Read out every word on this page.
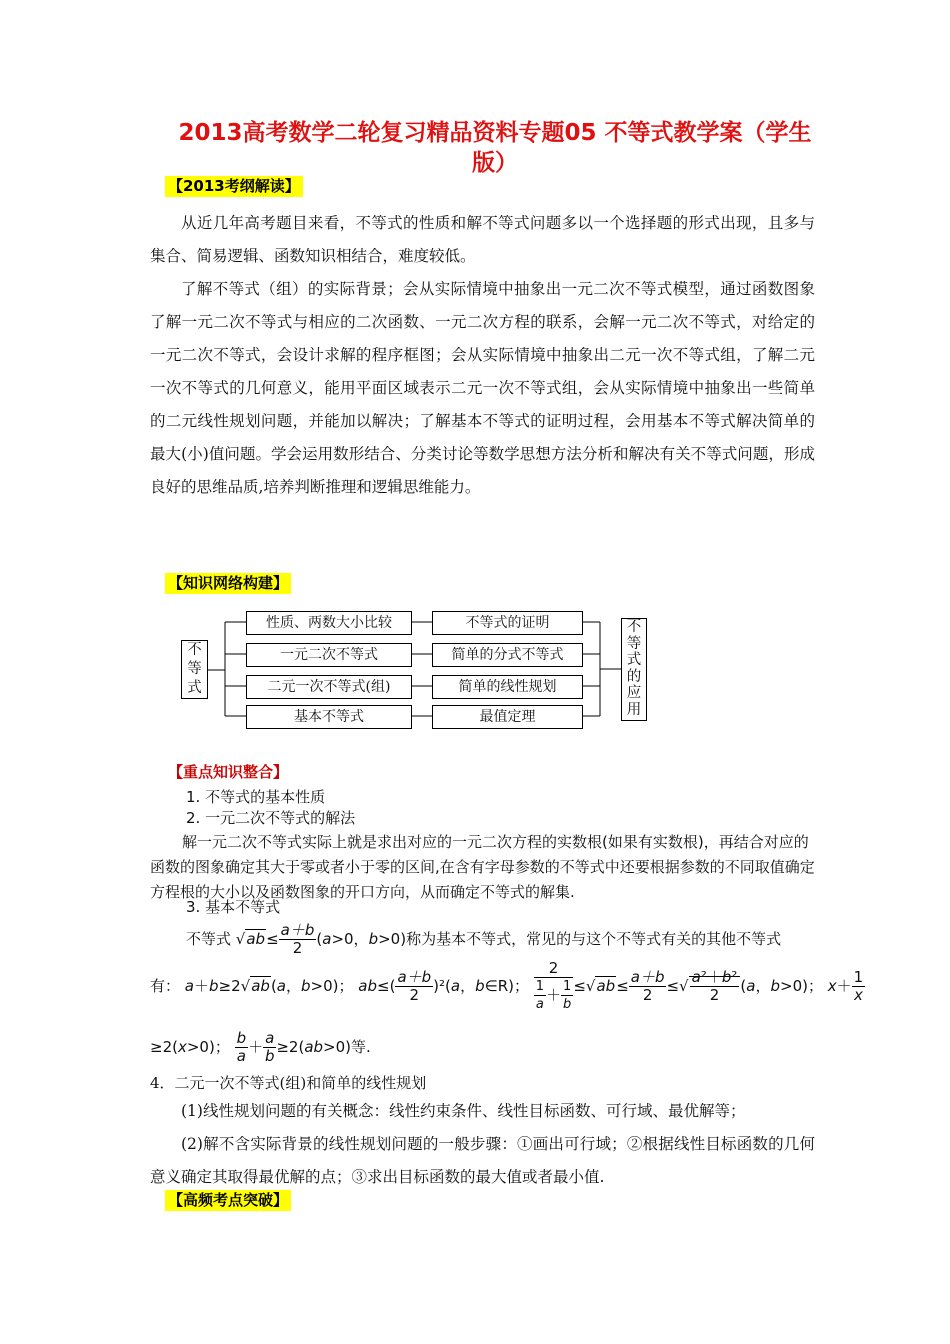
2013高考数学二轮复习精品资料专题05 不等式教学案（学生
版）
【2013考纲解读】

从近几年高考题目来看，不等式的性质和解不等式问题多以一个选择题的形式出现，且多与集合、简易逻辑、函数知识相结合，难度较低。

了解不等式（组）的实际背景；会从实际情境中抽象出一元二次不等式模型，通过函数图象了解一元二次不等式与相应的二次函数、一元二次方程的联系，会解一元二次不等式，对给定的一元二次不等式，会设计求解的程序框图；会从实际情境中抽象出二元一次不等式组，了解二元一次不等式的几何意义，能用平面区域表示二元一次不等式组，会从实际情境中抽象出一些简单的二元线性规划问题，并能加以解决；了解基本不等式的证明过程，会用基本不等式解决简单的最大(小)值问题。学会运用数形结合、分类讨论等数学思想方法分析和解决有关不等式问题，形成良好的思维品质,培养判断推理和逻辑思维能力。

【知识网络构建】
不等式
性质、两数大小比较
一元二次不等式
二元一次不等式(组)
基本不等式
不等式的证明
简单的分式不等式
简单的线性规划
最值定理
不等式的应用
【重点知识整合】
1. 不等式的基本性质
2. 一元二次不等式的解法

解一元二次不等式实际上就是求出对应的一元二次方程的实数根(如果有实数根)，再结合对应的函数的图象确定其大于零或者小于零的区间,在含有字母参数的不等式中还要根据参数的不同取值确定方程根的大小以及函数图象的开口方向，从而确定不等式的解集.

3. 基本不等式
不等式 $√ab\le \frac{a+b}{2} (a>0$，b>0)称为基本不等式，常见的与这个不等式有关的其他不等式
有： a＋b≥2√ab(a，b>0)； $ab\le( \frac{a+b}{2} )^2(a$，b∈R)； $\frac{2}{\frac{1}{a} + \frac{1}{b}} \le√ab\le \frac{a+b}{2}$ ≤√ $\frac{\text{a²＋b²}}{2} (a$，b>0)； $x+ \frac{1}{x}$
≥2(x>0)； $\frac{b}{a} + \frac{a}{b} \ge 2(ab>0)$等.
4．二元一次不等式(组)和简单的线性规划

(1)线性规划问题的有关概念：线性约束条件、线性目标函数、可行域、最优解等；

(2)解不含实际背景的线性规划问题的一般步骤：①画出可行域；②根据线性目标函数的几何意义确定其取得最优解的点；③求出目标函数的最大值或者最小值.

【高频考点突破】
